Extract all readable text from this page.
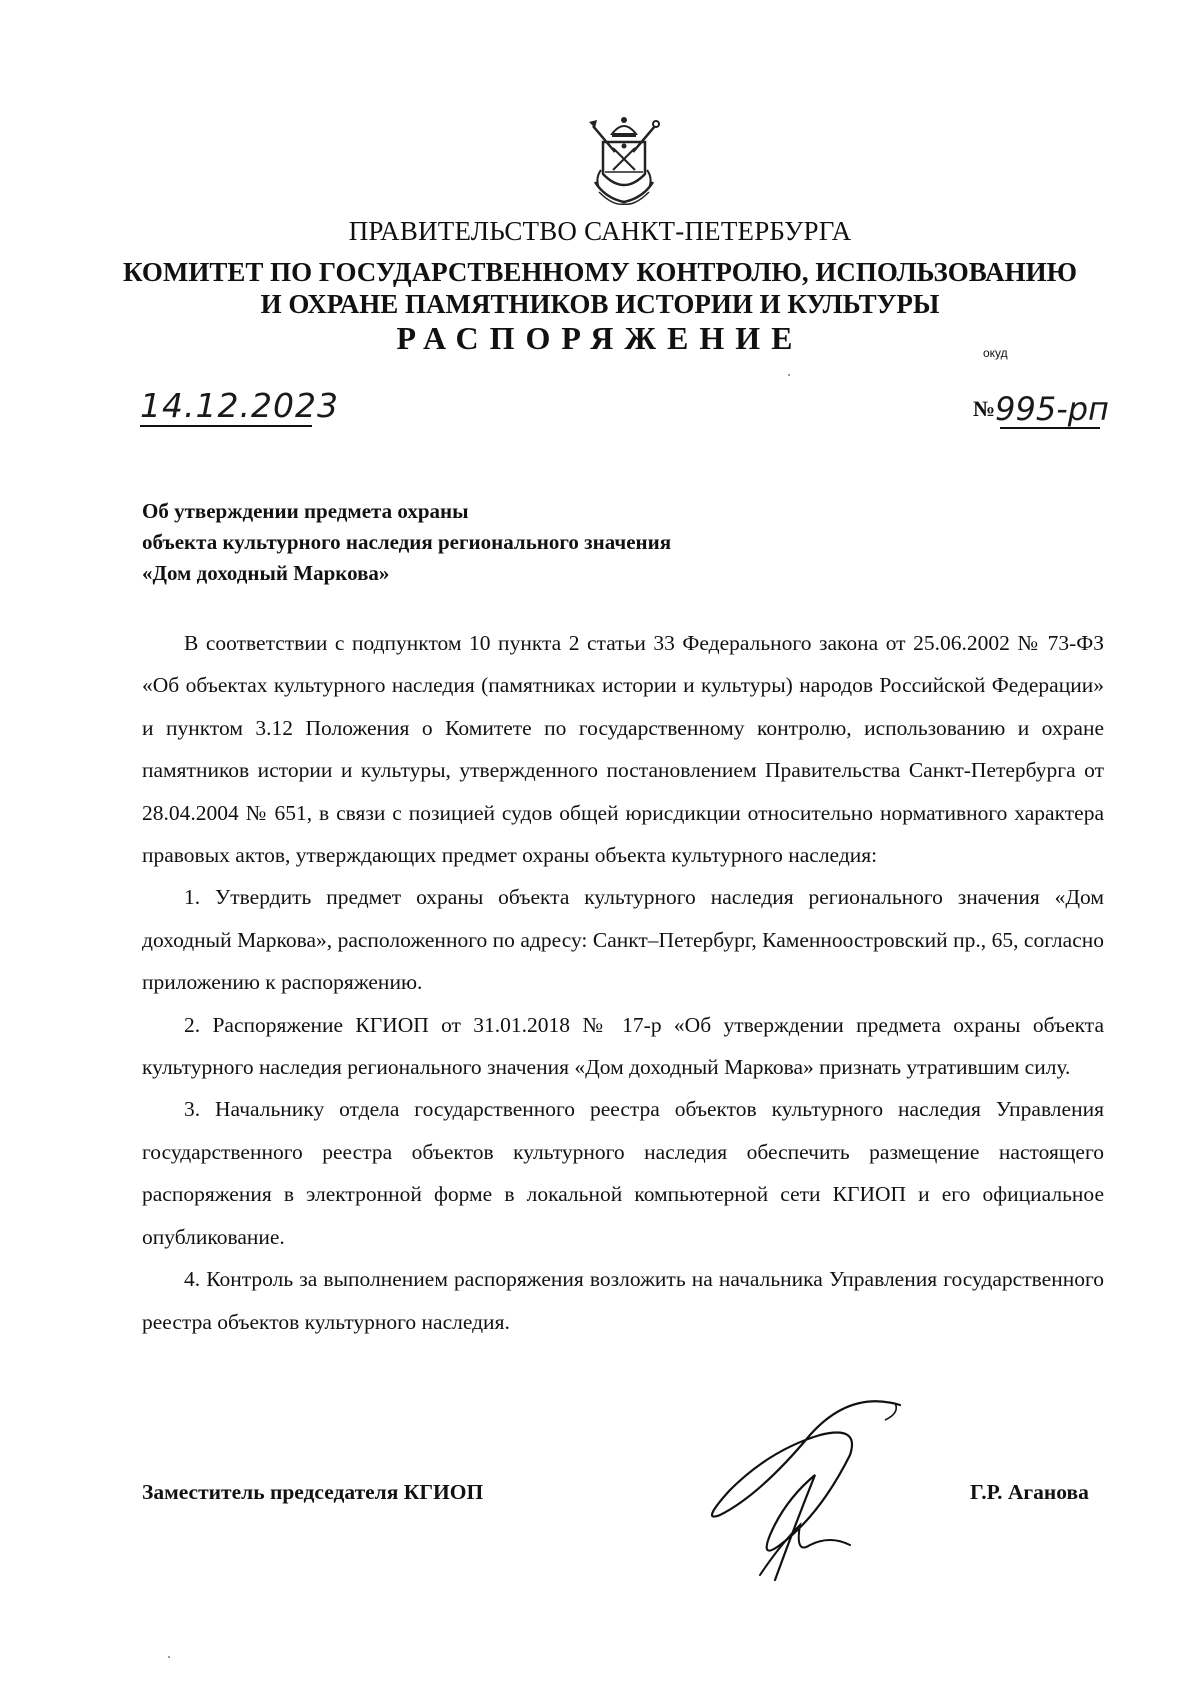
ПРАВИТЕЛЬСТВО САНКТ-ПЕТЕРБУРГА
КОМИТЕТ ПО ГОСУДАРСТВЕННОМУ КОНТРОЛЮ, ИСПОЛЬЗОВАНИЮ
И ОХРАНЕ ПАМЯТНИКОВ ИСТОРИИ И КУЛЬТУРЫ
РАСПОРЯЖЕНИЕ	окуд
14.12.2023	№995-рп
Об утверждении предмета охраны
объекта культурного наследия регионального значения
«Дом доходный Маркова»

В соответствии с подпунктом 10 пункта 2 статьи 33 Федерального закона от 25.06.2002 № 73-ФЗ «Об объектах культурного наследия (памятниках истории и культуры) народов Российской Федерации» и пунктом 3.12 Положения о Комитете по государственному контролю, использованию и охране памятников истории и культуры, утвержденного постановлением Правительства Санкт-Петербурга от 28.04.2004 № 651, в связи с позицией судов общей юрисдикции относительно нормативного характера правовых актов, утверждающих предмет охраны объекта культурного наследия:

1. Утвердить предмет охраны объекта культурного наследия регионального значения «Дом доходный Маркова», расположенного по адресу: Санкт–Петербург, Каменноостровский пр., 65, согласно приложению к распоряжению.

2. Распоряжение КГИОП от 31.01.2018 № 17-р «Об утверждении предмета охраны объекта культурного наследия регионального значения «Дом доходный Маркова» признать утратившим силу.

3. Начальнику отдела государственного реестра объектов культурного наследия Управления государственного реестра объектов культурного наследия обеспечить размещение настоящего распоряжения в электронной форме в локальной компьютерной сети КГИОП и его официальное опубликование.

4. Контроль за выполнением распоряжения возложить на начальника Управления государственного реестра объектов культурного наследия.

Заместитель председателя КГИОП	Г.Р. Аганова
